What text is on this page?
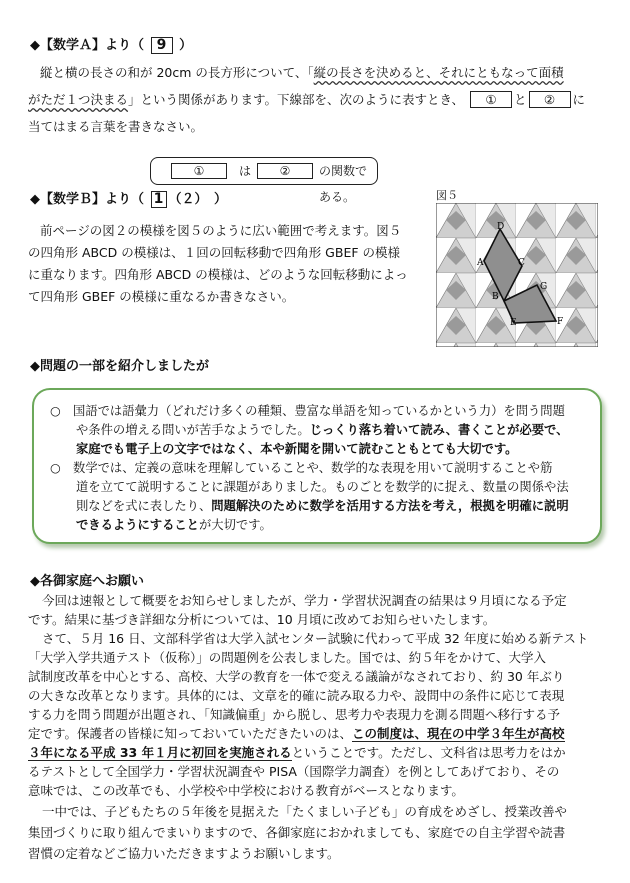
◆【数学Ａ】より（ 9 ）
縦と横の長さの和が 20cm の長方形について、「縦の長さを決めると、それにともなって面積
がただ１つ決まる」という関係があります。下線部を、次のように表すとき、 ① と ② に
当てはまる言葉を書きなさい。
①	は	②	の関数である。
◆【数学Ｂ】より（ 1 （２）　）
前ページの図２の模様を図５のように広い範囲で考えます。図５
の四角形 ABCD の模様は、１回の回転移動で四角形 GBEF の模様
に重なります。四角形 ABCD の模様は、どのような回転移動によっ
て四角形 GBEF の模様に重なるか書きなさい。
図５
D
A	C
B
G
E	F
◆問題の一部を紹介しましたが
○　国語では語彙力（どれだけ多くの種類、豊富な単語を知っているかという力）を問う問題
や条件の増える問いが苦手なようでした。じっくり落ち着いて読み、書くことが必要で、
家庭でも電子上の文字ではなく、本や新聞を開いて読むこともとても大切です。
○　数学では、定義の意味を理解していることや、数学的な表現を用いて説明することや筋
道を立てて説明することに課題がありました。ものごとを数学的に捉え、数量の関係や法
則などを式に表したり、問題解決のために数学を活用する方法を考え，根拠を明確に説明
できるようにすることが大切です。
◆各御家庭へお願い
今回は速報として概要をお知らせしましたが、学力・学習状況調査の結果は９月頃になる予定
です。結果に基づき詳細な分析については、10 月頃に改めてお知らせいたします。
さて、５月 16 日、文部科学省は大学入試センター試験に代わって平成 32 年度に始める新テスト
「大学入学共通テスト（仮称）」の問題例を公表しました。国では、約５年をかけて、大学入
試制度改革を中心とする、高校、大学の教育を一体で変える議論がなされており、約 30 年ぶり
の大きな改革となります。具体的には、文章を的確に読み取る力や、設問中の条件に応じて表現
する力を問う問題が出題され、「知識偏重」から脱し、思考力や表現力を測る問題へ移行する予
定です。保護者の皆様に知っておいていただきたいのは、この制度は、現在の中学３年生が高校
３年になる平成 33 年１月に初回を実施されるということです。ただし、文科省は思考力をはか
るテストとして全国学力・学習状況調査や PISA（国際学力調査）を例としてあげており、その
意味では、この改革でも、小学校や中学校における教育がベースとなります。
一中では、子どもたちの５年後を見据えた「たくましい子ども」の育成をめざし、授業改善や
集団づくりに取り組んでまいりますので、各御家庭におかれましても、家庭での自主学習や読書
習慣の定着などご協力いただきますようお願いします。
